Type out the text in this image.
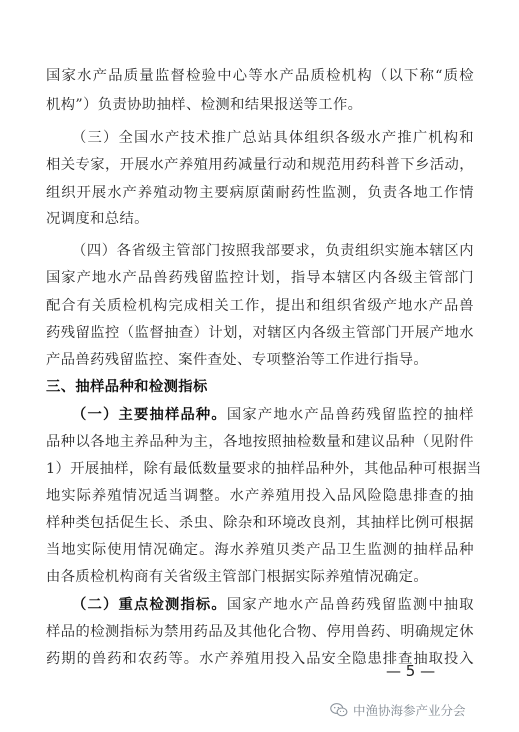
国家水产品质量监督检验中心等水产品质检机构（以下称“质检
机构”）负责协助抽样、检测和结果报送等工作。
（三）全国水产技术推广总站具体组织各级水产推广机构和
相关专家，开展水产养殖用药减量行动和规范用药科普下乡活动，
组织开展水产养殖动物主要病原菌耐药性监测，负责各地工作情
况调度和总结。
（四）各省级主管部门按照我部要求，负责组织实施本辖区内
国家产地水产品兽药残留监控计划，指导本辖区内各级主管部门
配合有关质检机构完成相关工作，提出和组织省级产地水产品兽
药残留监控（监督抽查）计划，对辖区内各级主管部门开展产地水
产品兽药残留监控、案件查处、专项整治等工作进行指导。
三、抽样品种和检测指标
（一）主要抽样品种。国家产地水产品兽药残留监控的抽样
品种以各地主养品种为主，各地按照抽检数量和建议品种（见附件
1）开展抽样，除有最低数量要求的抽样品种外，其他品种可根据当
地实际养殖情况适当调整。水产养殖用投入品风险隐患排查的抽
样种类包括促生长、杀虫、除杂和环境改良剂，其抽样比例可根据
当地实际使用情况确定。海水养殖贝类产品卫生监测的抽样品种
由各质检机构商有关省级主管部门根据实际养殖情况确定。
（二）重点检测指标。国家产地水产品兽药残留监测中抽取
样品的检测指标为禁用药品及其他化合物、停用兽药、明确规定休
药期的兽药和农药等。水产养殖用投入品安全隐患排查抽取投入
— 5 —
中渔协海参产业分会
